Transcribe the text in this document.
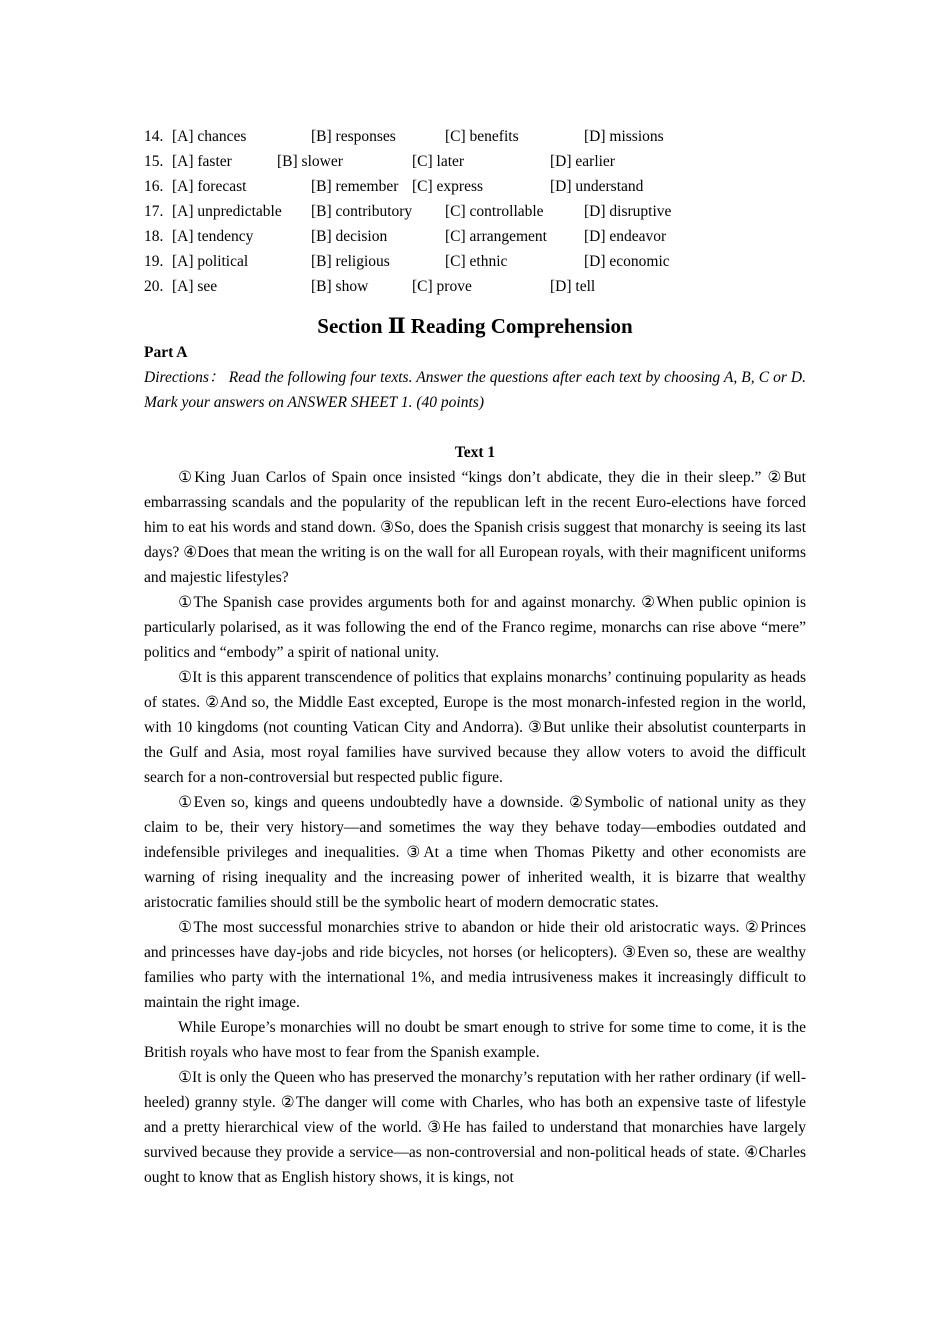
14. [A] chances	[B] responses	[C] benefits	[D] missions
15. [A] faster	[B] slower	[C] later	[D] earlier
16. [A] forecast	[B] remember [C] express	[D] understand
17. [A] unpredictable [B] contributory [C] controllable	[D] disruptive
18. [A] tendency	[B] decision	[C] arrangement [D] endeavor
19. [A] political	[B] religious	[C] ethnic	[D] economic
20. [A] see	[B] show	[C] prove	[D] tell
Section Ⅱ Reading Comprehension
Part A
Directions： Read the following four texts. Answer the questions after each text by choosing A, B, C or D. Mark your answers on ANSWER SHEET 1. (40 points)
Text 1

①King Juan Carlos of Spain once insisted “kings don’t abdicate, they die in their sleep.” ②But embarrassing scandals and the popularity of the republican left in the recent Euro-elections have forced him to eat his words and stand down. ③So, does the Spanish crisis suggest that monarchy is seeing its last days? ④Does that mean the writing is on the wall for all European royals, with their magnificent uniforms and majestic lifestyles?

①The Spanish case provides arguments both for and against monarchy. ②When public opinion is particularly polarised, as it was following the end of the Franco regime, monarchs can rise above “mere” politics and “embody” a spirit of national unity.

①It is this apparent transcendence of politics that explains monarchs’ continuing popularity as heads of states. ②And so, the Middle East excepted, Europe is the most monarch-infested region in the world, with 10 kingdoms (not counting Vatican City and Andorra). ③But unlike their absolutist counterparts in the Gulf and Asia, most royal families have survived because they allow voters to avoid the difficult search for a non-controversial but respected public figure.

①Even so, kings and queens undoubtedly have a downside. ②Symbolic of national unity as they claim to be, their very history—and sometimes the way they behave today—embodies outdated and indefensible privileges and inequalities. ③At a time when Thomas Piketty and other economists are warning of rising inequality and the increasing power of inherited wealth, it is bizarre that wealthy aristocratic families should still be the symbolic heart of modern democratic states.

①The most successful monarchies strive to abandon or hide their old aristocratic ways. ②Princes and princesses have day-jobs and ride bicycles, not horses (or helicopters). ③Even so, these are wealthy families who party with the international 1%, and media intrusiveness makes it increasingly difficult to maintain the right image.

While Europe’s monarchies will no doubt be smart enough to strive for some time to come, it is the British royals who have most to fear from the Spanish example.

①It is only the Queen who has preserved the monarchy’s reputation with her rather ordinary (if well-heeled) granny style. ②The danger will come with Charles, who has both an expensive taste of lifestyle and a pretty hierarchical view of the world. ③He has failed to understand that monarchies have largely survived because they provide a service—as non-controversial and non-political heads of state. ④Charles ought to know that as English history shows, it is kings, not
